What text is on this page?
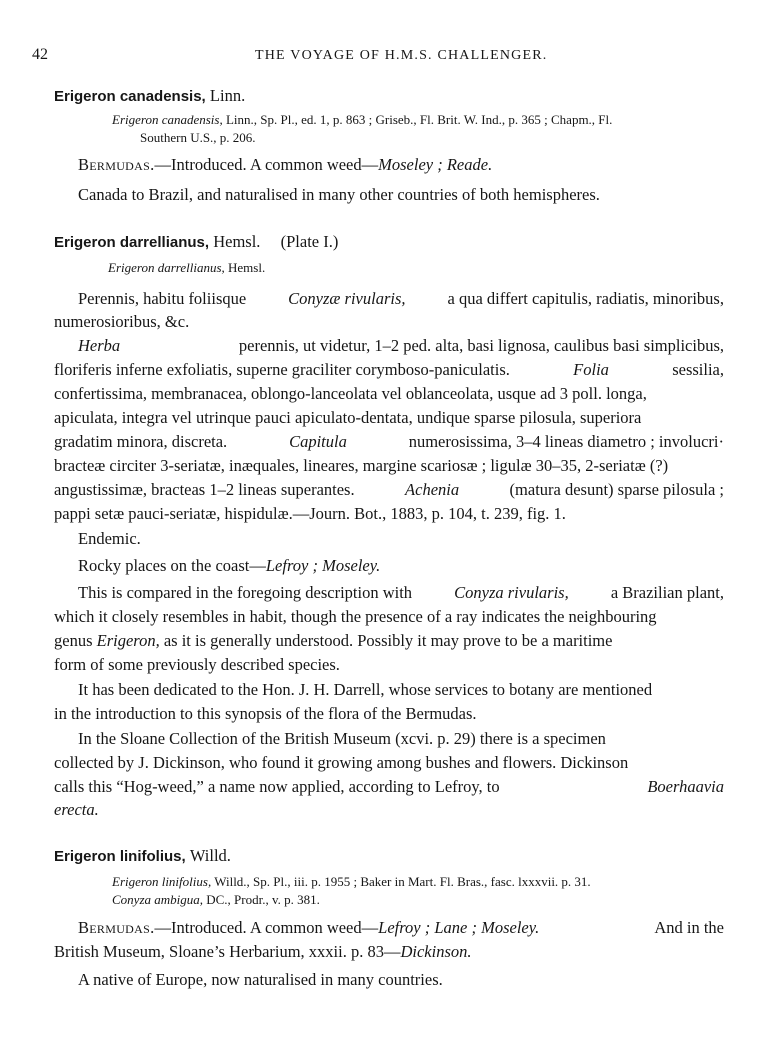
42	THE VOYAGE OF H.M.S. CHALLENGER.
Erigeron canadensis, Linn.
Erigeron canadensis, Linn., Sp. Pl., ed. 1, p. 863 ; Griseb., Fl. Brit. W. Ind., p. 365 ; Chapm., Fl.
Southern U.S., p. 206.
Bermudas.—Introduced. A common weed—Moseley ; Reade.
Canada to Brazil, and naturalised in many other countries of both hemispheres.
Erigeron darrellianus, Hemsl. (Plate I.)
Erigeron darrellianus, Hemsl.
Perennis, habitu foliisque	Conyzæ rivularis,	a qua differt capitulis, radiatis, minoribus,
numerosioribus, &c.
Herba	perennis, ut videtur, 1–2 ped. alta, basi lignosa, caulibus basi simplicibus,
floriferis inferne exfoliatis, superne graciliter corymboso-paniculatis.	Folia	sessilia,
confertissima, membranacea, oblongo-lanceolata vel oblanceolata, usque ad 3 poll. longa,
apiculata, integra vel utrinque pauci apiculato-dentata, undique sparse pilosula, superiora
gradatim minora, discreta.	Capitula	numerosissima, 3–4 lineas diametro ; involucri·
bracteæ circiter 3-seriatæ, inæquales, lineares, margine scariosæ ; ligulæ 30–35, 2-seriatæ (?)
angustissimæ, bracteas 1–2 lineas superantes.	Achenia	(matura desunt) sparse pilosula ;
pappi setæ pauci-seriatæ, hispidulæ.—Journ. Bot., 1883, p. 104, t. 239, fig. 1.
Endemic.
Rocky places on the coast—Lefroy ; Moseley.
This is compared in the foregoing description with	Conyza rivularis,	a Brazilian plant,
which it closely resembles in habit, though the presence of a ray indicates the neighbouring
genus Erigeron, as it is generally understood. Possibly it may prove to be a maritime
form of some previously described species.
It has been dedicated to the Hon. J. H. Darrell, whose services to botany are mentioned
in the introduction to this synopsis of the flora of the Bermudas.
In the Sloane Collection of the British Museum (xcvi. p. 29) there is a specimen
collected by J. Dickinson, who found it growing among bushes and flowers. Dickinson
calls this “Hog-weed,” a name now applied, according to Lefroy, to	Boerhaavia
erecta.
Erigeron linifolius, Willd.
Erigeron linifolius, Willd., Sp. Pl., iii. p. 1955 ; Baker in Mart. Fl. Bras., fasc. lxxxvii. p. 31.
Conyza ambigua, DC., Prodr., v. p. 381.
Bermudas.—Introduced. A common weed—Lefroy ; Lane ; Moseley.	And in the
British Museum, Sloane’s Herbarium, xxxii. p. 83—Dickinson.
A native of Europe, now naturalised in many countries.
